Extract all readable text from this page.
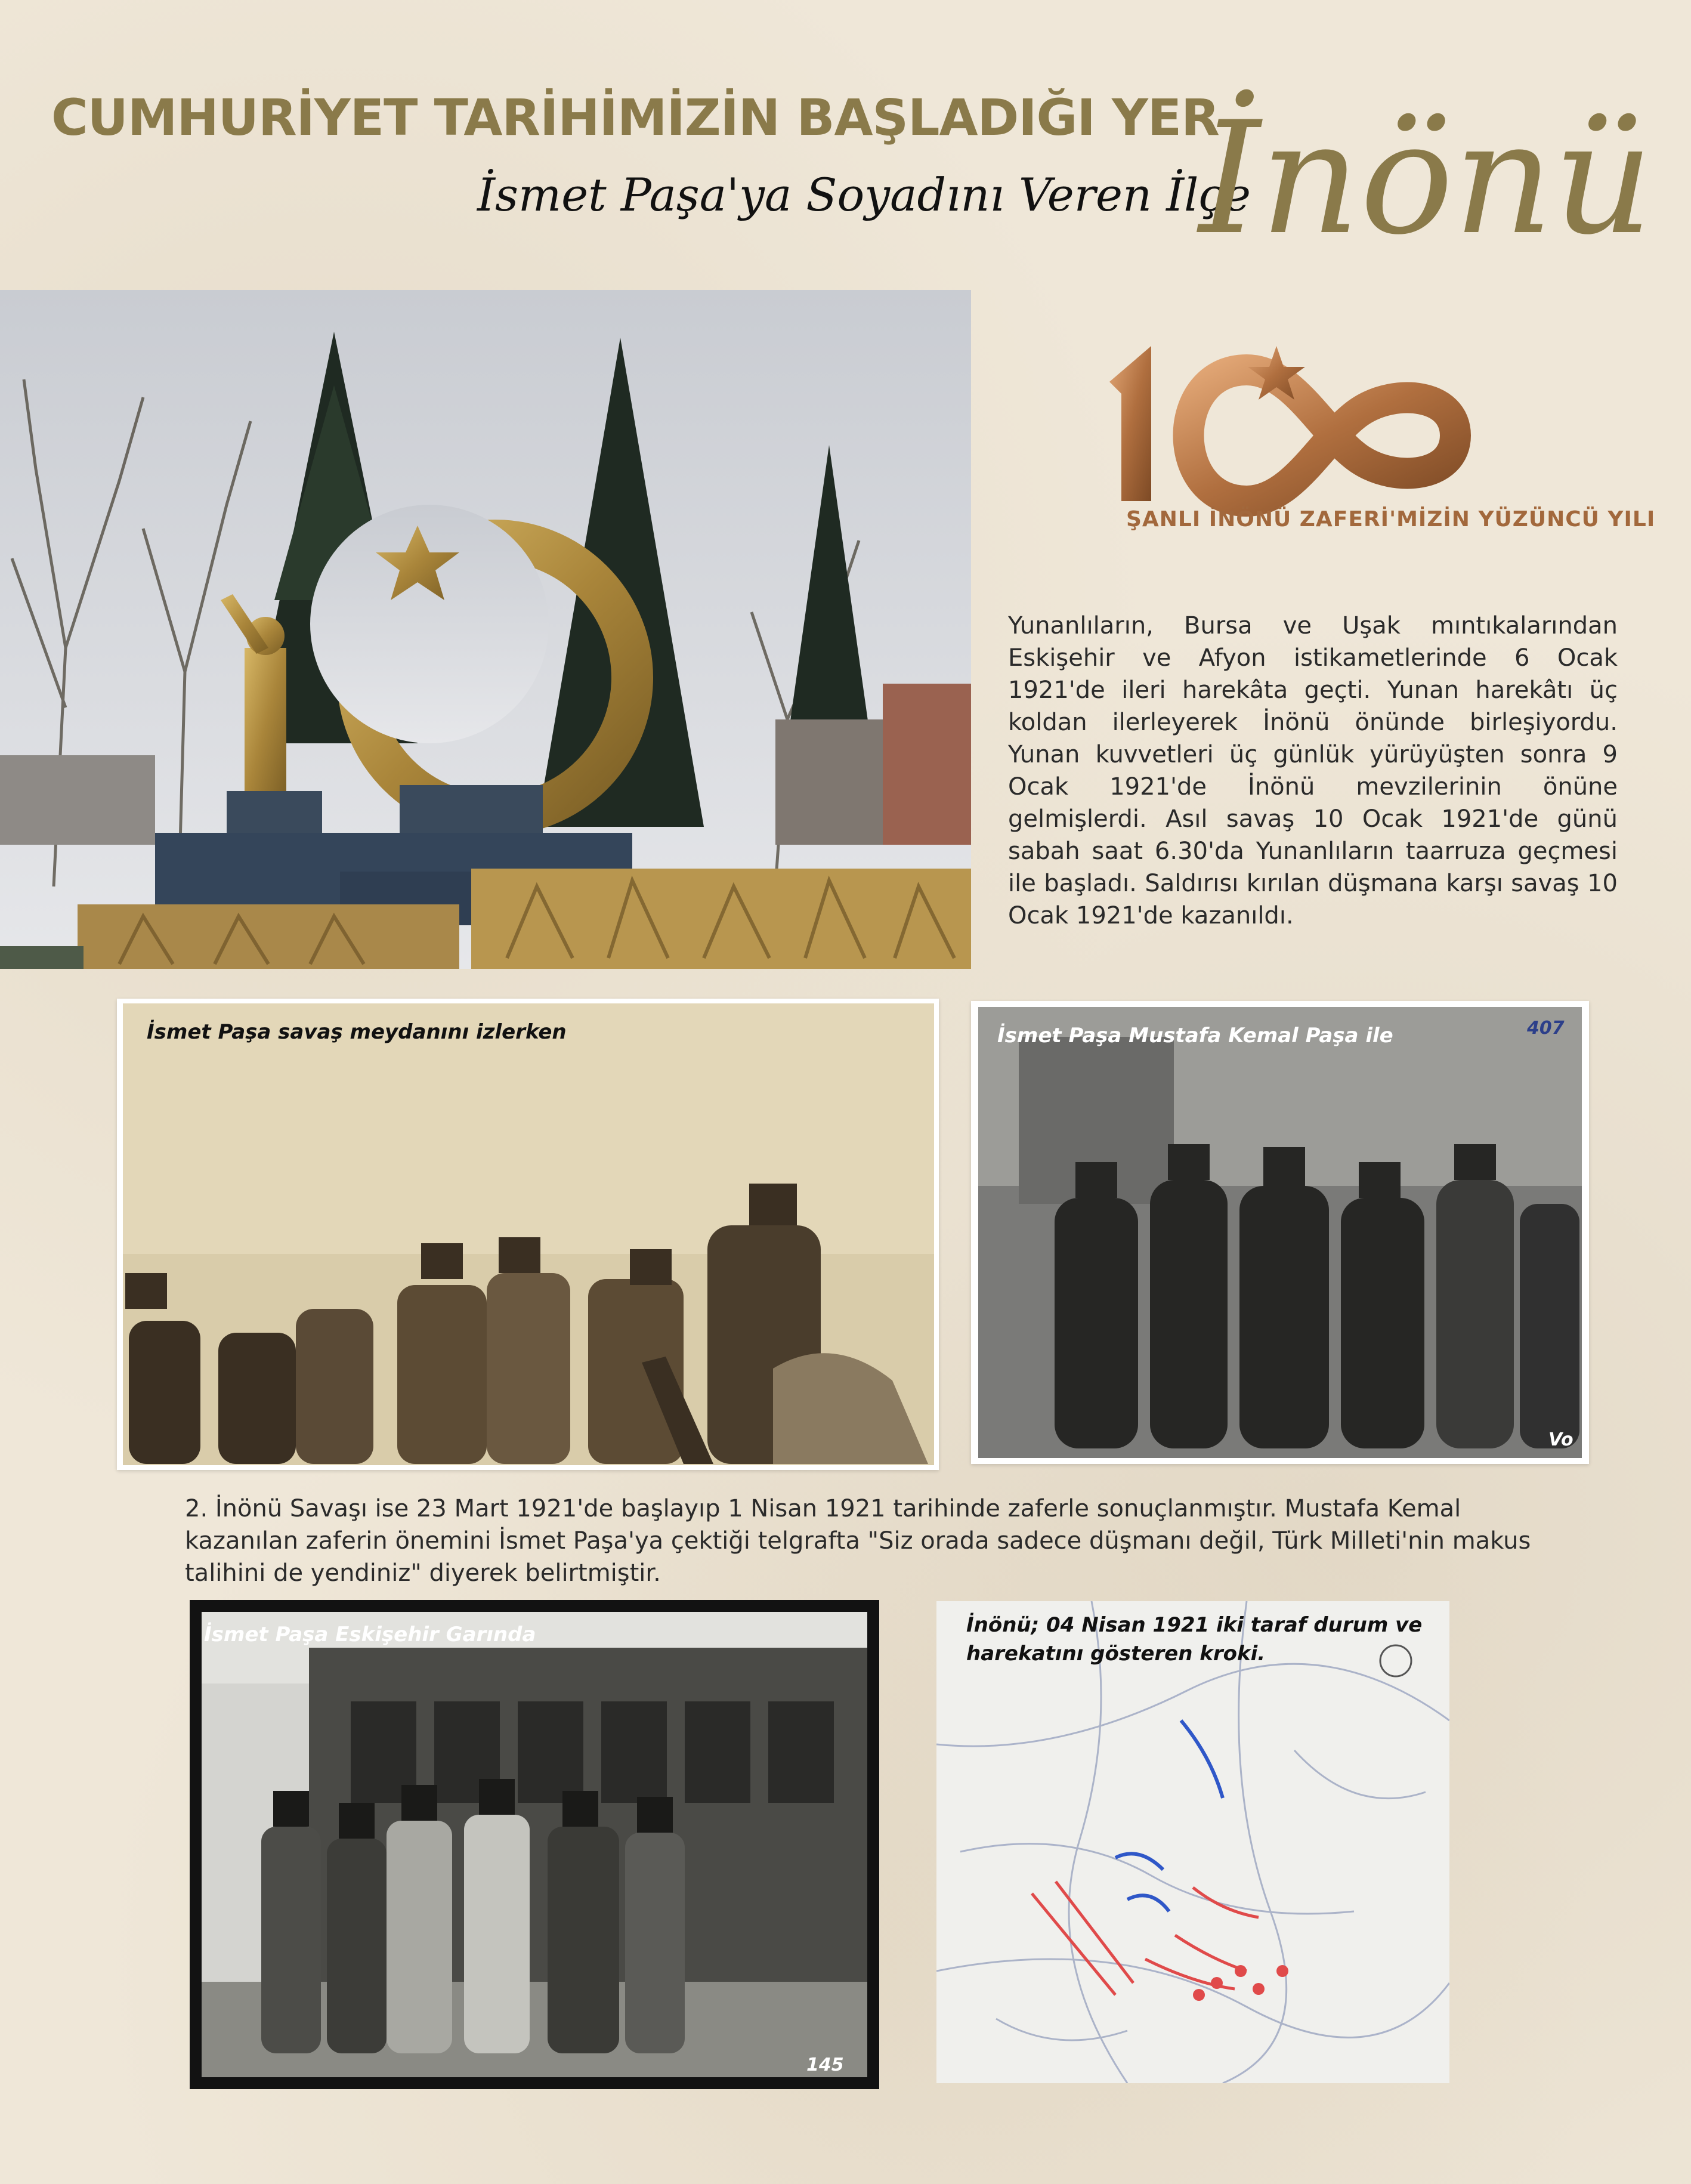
CUMHURİYET TARİHİMİZİN BAŞLADIĞI YER
İsmet Paşa'ya Soyadını Veren İlçe
İnönü
ŞANLI İNÖNÜ ZAFERİ'MİZİN YÜZÜNCÜ YILI

Yunanlıların, Bursa ve Uşak mıntıkalarından Eskişehir ve Afyon istikametlerinde 6 Ocak 1921'de ileri harekâta geçti. Yunan harekâtı üç koldan ilerleyerek İnönü önünde birleşiyordu. Yunan kuvvetleri üç günlük yürüyüşten sonra 9 Ocak 1921'de İnönü mevzilerinin önüne gelmişlerdi. Asıl savaş 10 Ocak 1921'de günü sabah saat 6.30'da Yunanlıların taarruza geçmesi ile başladı. Saldırısı kırılan düşmana karşı savaş 10 Ocak 1921'de kazanıldı.

İsmet Paşa savaş meydanını izlerken	İsmet Paşa Mustafa Kemal Paşa ile	407
Vo

2. İnönü Savaşı ise 23 Mart 1921'de başlayıp 1 Nisan 1921 tarihinde zaferle sonuçlanmıştır. Mustafa Kemal kazanılan zaferin önemini İsmet Paşa'ya çektiği telgrafta "Siz orada sadece düşmanı değil, Türk Milleti'nin makus talihini de yendiniz" diyerek belirtmiştir.

İsmet Paşa Eskişehir Garında
145
İnönü; 04 Nisan 1921 iki taraf durum ve
harekatını gösteren kroki.
